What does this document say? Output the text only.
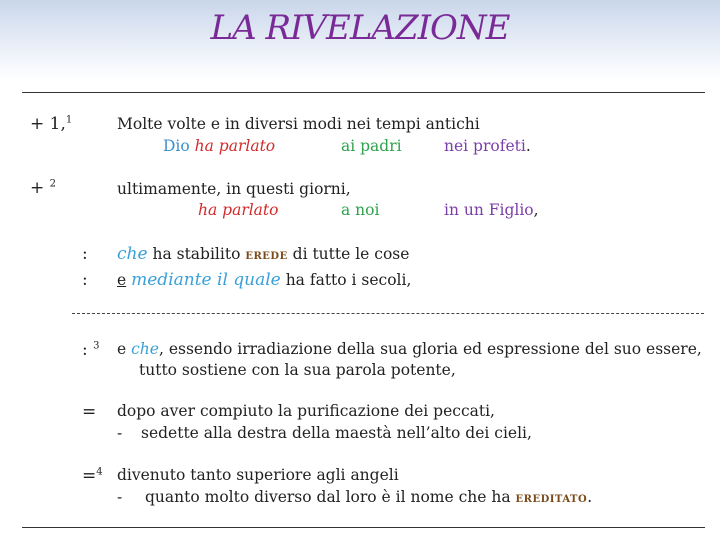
LA RIVELAZIONE
+ 1,$^1$	Molte volte e in diversi modi nei tempi antichi
Dio ha parlato	ai padri	nei profeti.
+ $^2$	ultimamente, in questi giorni,
ha parlato	a noi	in un Figlio,
: che ha stabilito erede di tutte le cose
: e mediante il quale ha fatto i secoli,
: $^3$ e che, essendo irradiazione della sua gloria ed espressione del suo essere,
tutto sostiene con la sua parola potente,
= dopo aver compiuto la purificazione dei peccati,
- sedette alla destra della maestà nell’alto dei cieli,
=$^4$ divenuto tanto superiore agli angeli
- quanto molto diverso dal loro è il nome che ha ereditato.
